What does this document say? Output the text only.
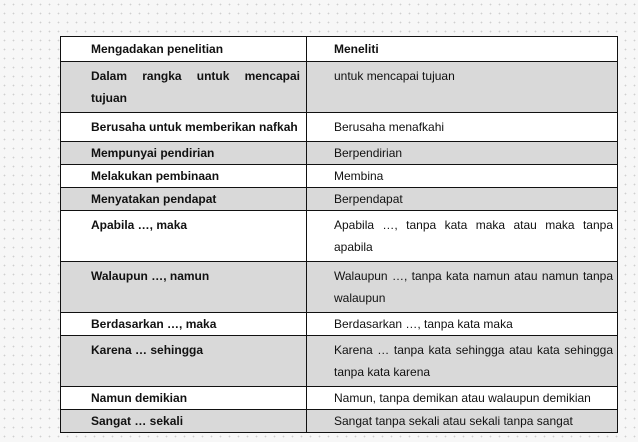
Mengadakan penelitian	Meneliti
Dalam rangka untuk mencapai tujuan	untuk mencapai tujuan
Berusaha untuk memberikan nafkah	Berusaha menafkahi
Mempunyai pendirian	Berpendirian
Melakukan pembinaan	Membina
Menyatakan pendapat	Berpendapat
Apabila …, maka	Apabila …, tanpa kata maka atau maka tanpa apabila
Walaupun …, namun	Walaupun …, tanpa kata namun atau namun tanpa walaupun
Berdasarkan …, maka	Berdasarkan …, tanpa kata maka
Karena … sehingga	Karena … tanpa kata sehingga atau kata sehingga tanpa kata karena
Namun demikian	Namun, tanpa demikan atau walaupun demikian
Sangat … sekali	Sangat tanpa sekali atau sekali tanpa sangat
